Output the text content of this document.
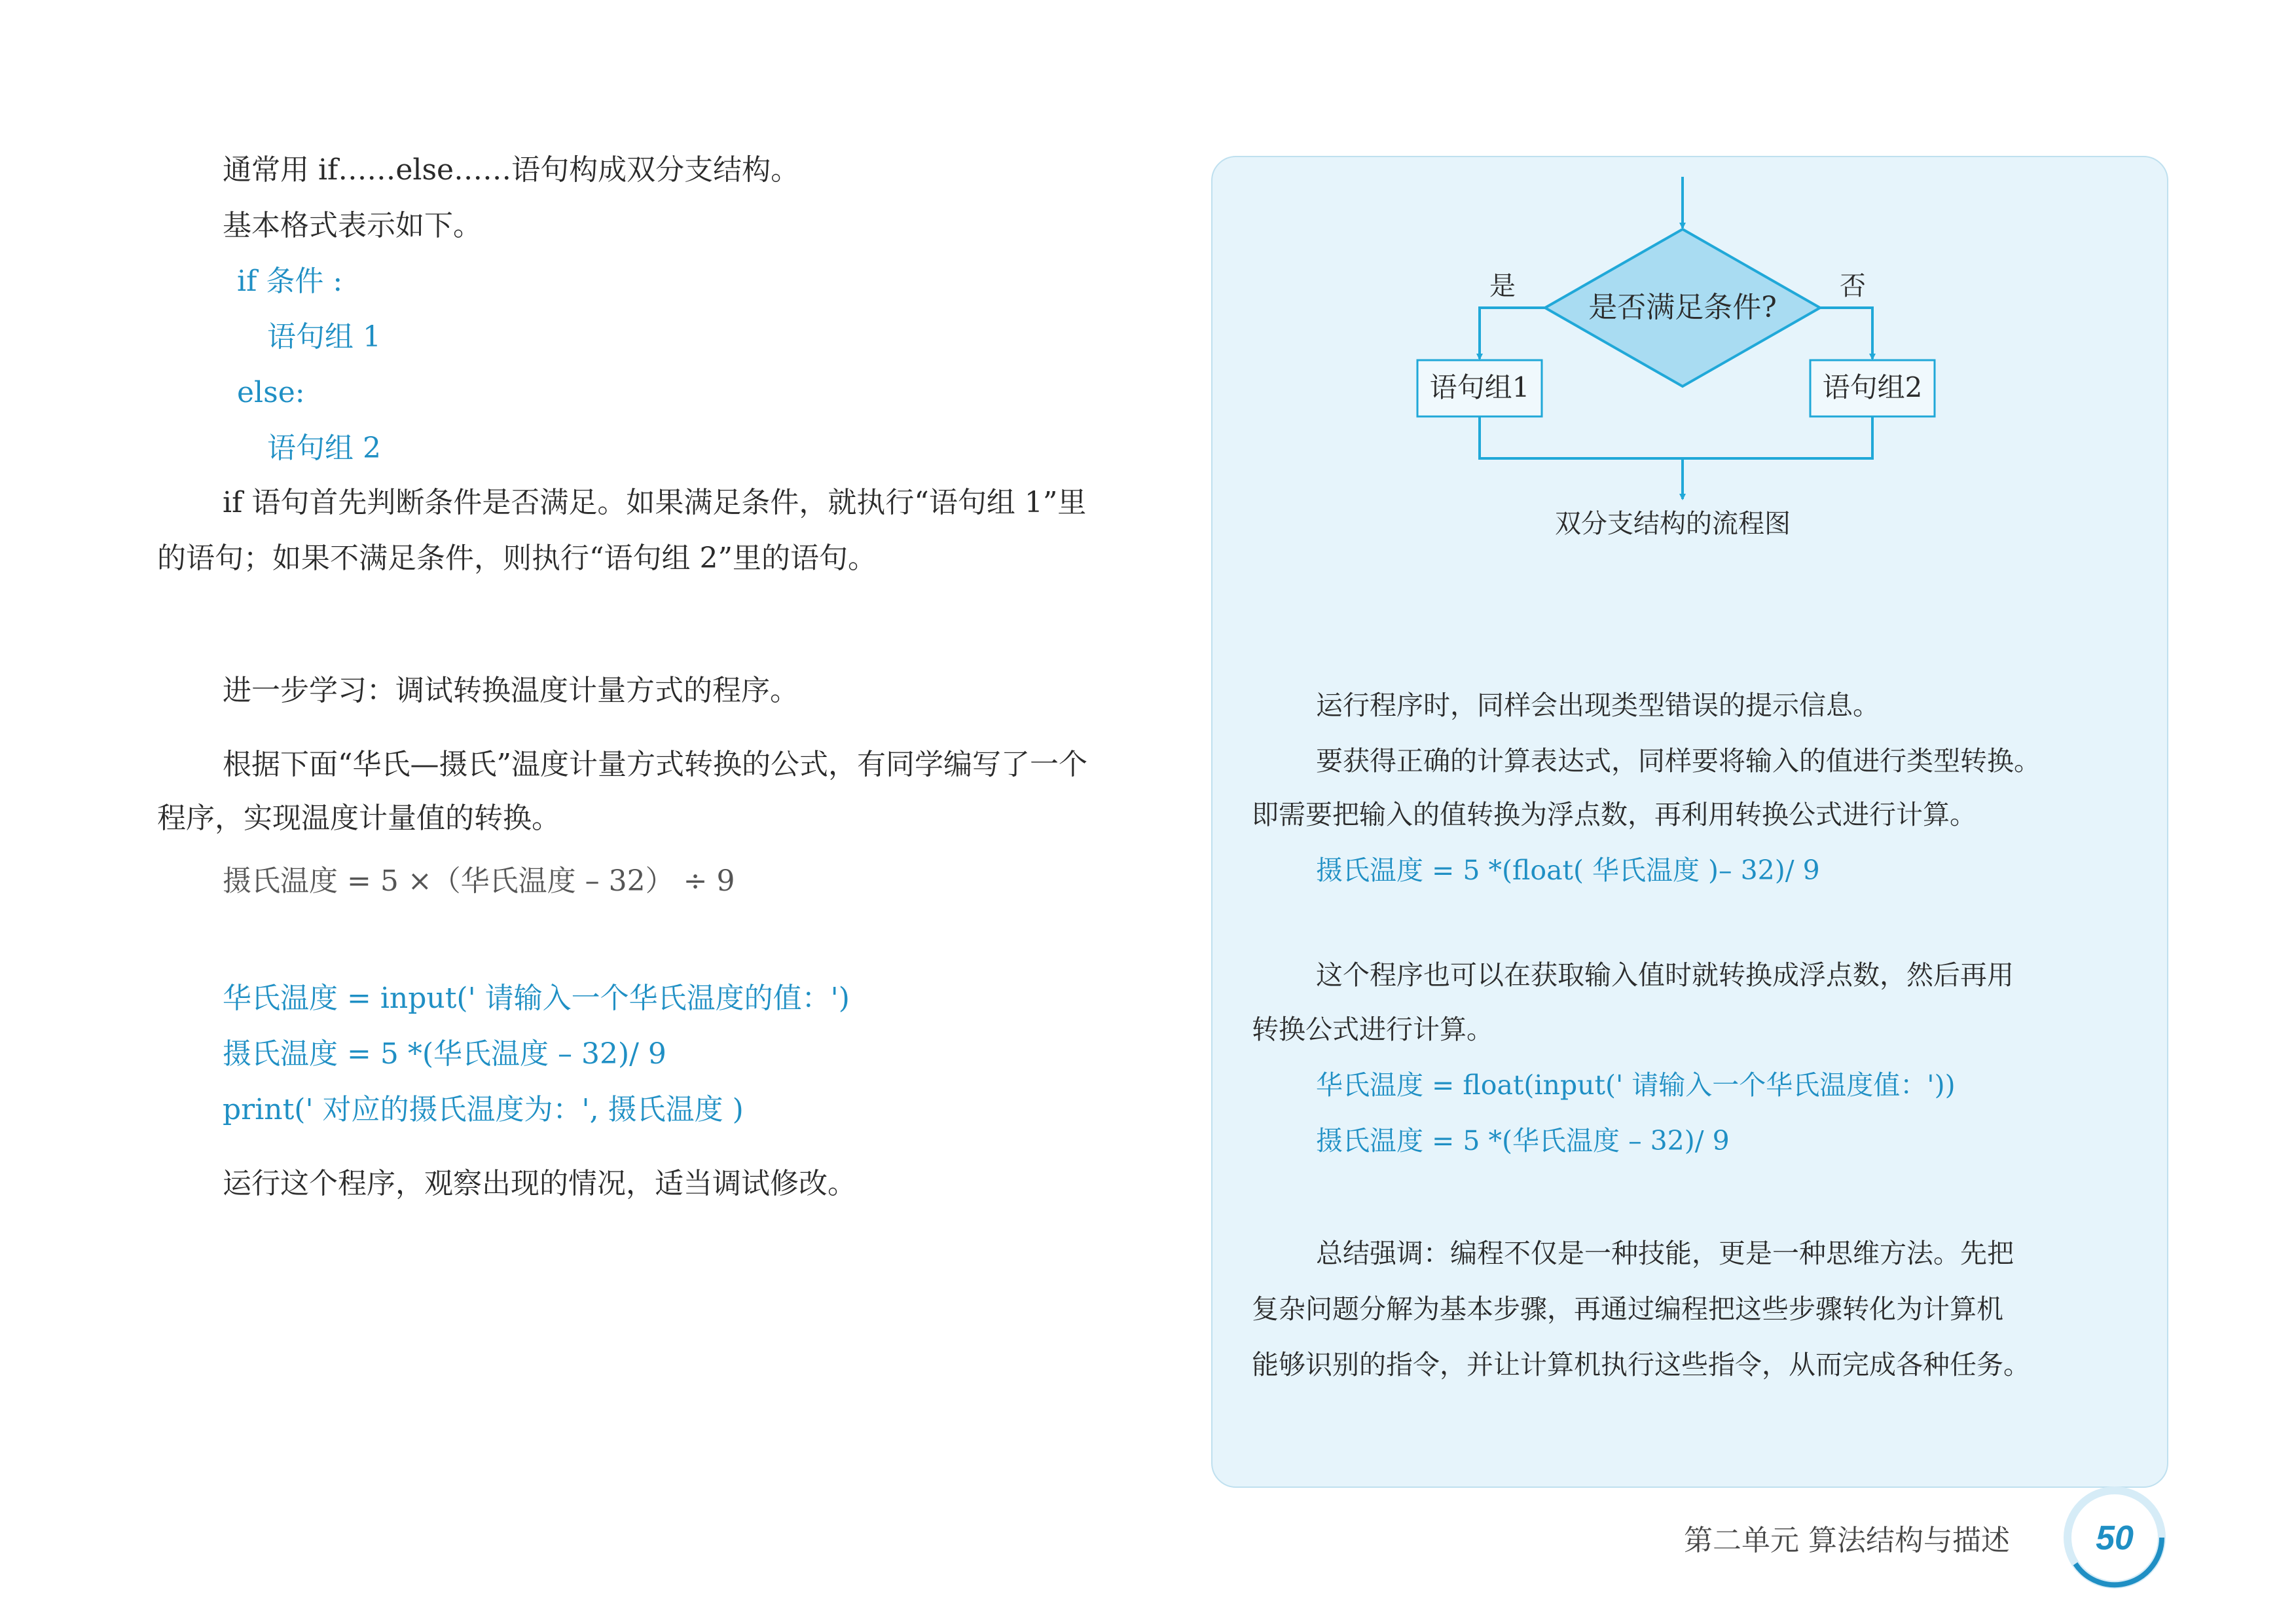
通常用 if……else……语句构成双分支结构。
基本格式表示如下。
if 条件 :
语句组 1
else:
语句组 2
if 语句首先判断条件是否满足。如果满足条件，就执行“语句组 1”里
的语句；如果不满足条件，则执行“语句组 2”里的语句。
进一步学习：调试转换温度计量方式的程序。
根据下面“华氏—摄氏”温度计量方式转换的公式，有同学编写了一个
程序，实现温度计量值的转换。
摄氏温度 = 5 ×（华氏温度 – 32） ÷ 9
华氏温度 = input(' 请输入一个华氏温度的值：')
摄氏温度 = 5 *(华氏温度 – 32)/ 9
print(' 对应的摄氏温度为：', 摄氏温度 )
运行这个程序，观察出现的情况，适当调试修改。
是否满足条件?
是	否
语句组1	语句组2
双分支结构的流程图
运行程序时，同样会出现类型错误的提示信息。
要获得正确的计算表达式，同样要将输入的值进行类型转换。
即需要把输入的值转换为浮点数，再利用转换公式进行计算。
摄氏温度 = 5 *(float( 华氏温度 )– 32)/ 9
这个程序也可以在获取输入值时就转换成浮点数，然后再用
转换公式进行计算。
华氏温度 = float(input(' 请输入一个华氏温度值：'))
摄氏温度 = 5 *(华氏温度 – 32)/ 9
总结强调：编程不仅是一种技能，更是一种思维方法。先把
复杂问题分解为基本步骤，再通过编程把这些步骤转化为计算机
能够识别的指令，并让计算机执行这些指令，从而完成各种任务。
第二单元 算法结构与描述	50
